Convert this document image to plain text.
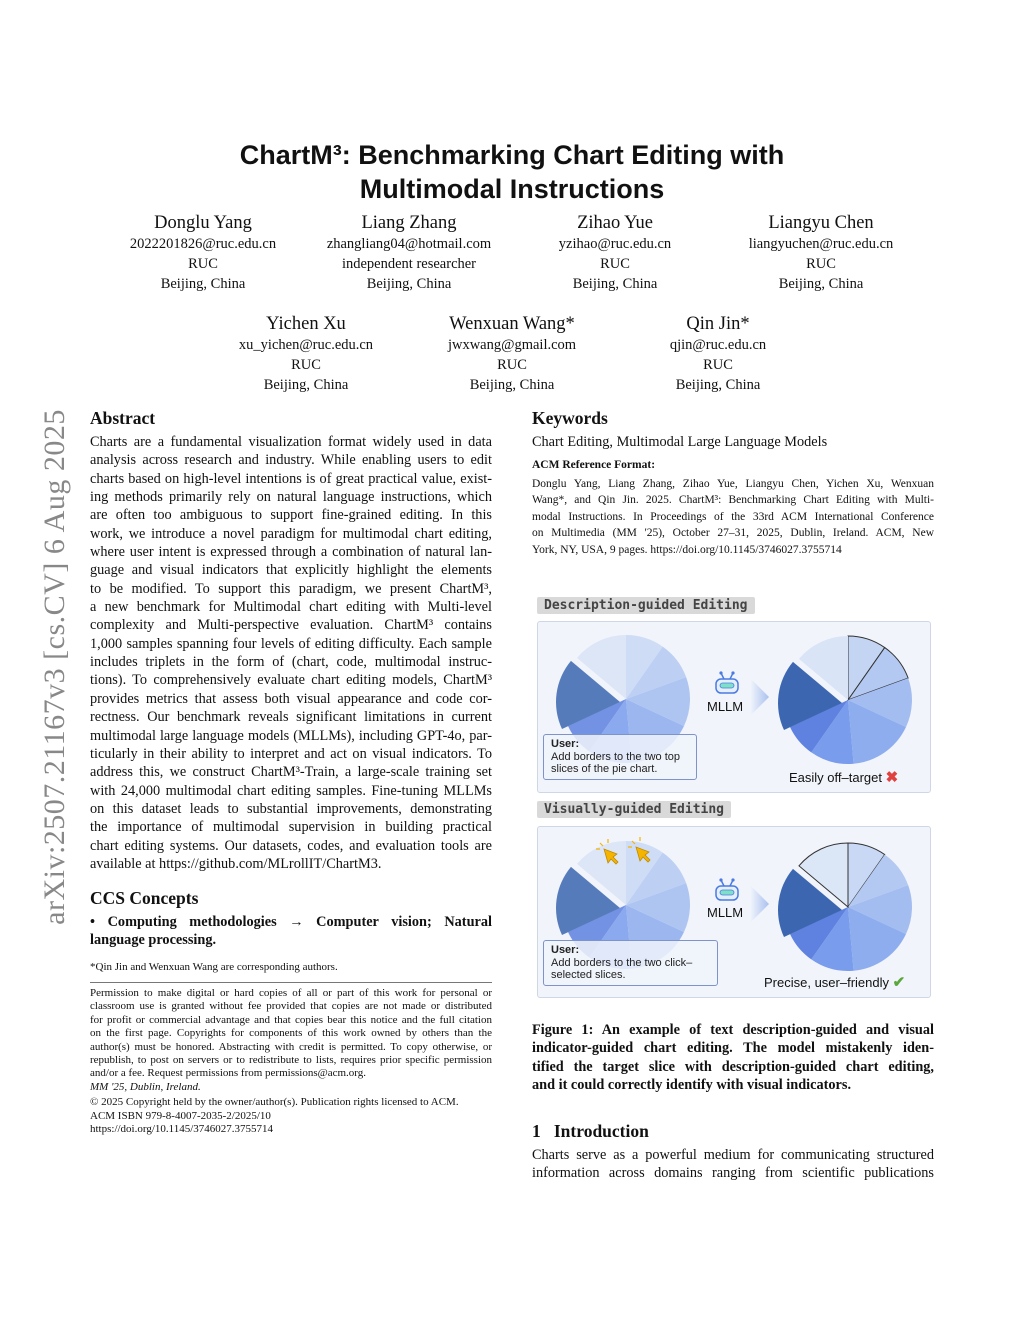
arXiv:2507.21167v3 [cs.CV] 6 Aug 2025
ChartM³: Benchmarking Chart Editing with
Multimodal Instructions
Donglu Yang
2022201826@ruc.edu.cn
RUC
Beijing, China
Liang Zhang
zhangliang04@hotmail.com
independent researcher
Beijing, China
Zihao Yue
yzihao@ruc.edu.cn
RUC
Beijing, China
Liangyu Chen
liangyuchen@ruc.edu.cn
RUC
Beijing, China
Yichen Xu
xu_yichen@ruc.edu.cn
RUC
Beijing, China
Wenxuan Wang*
jwxwang@gmail.com
RUC
Beijing, China
Qin Jin*
qjin@ruc.edu.cn
RUC
Beijing, China
Abstract
Charts are a fundamental visualization format widely used in data
analysis across research and industry. While enabling users to edit
charts based on high-level intentions is of great practical value, exist-
ing methods primarily rely on natural language instructions, which
are often too ambiguous to support fine-grained editing. In this
work, we introduce a novel paradigm for multimodal chart editing,
where user intent is expressed through a combination of natural lan-
guage and visual indicators that explicitly highlight the elements
to be modified. To support this paradigm, we present ChartM³,
a new benchmark for Multimodal chart editing with Multi-level
complexity and Multi-perspective evaluation. ChartM³ contains
1,000 samples spanning four levels of editing difficulty. Each sample
includes triplets in the form of (chart, code, multimodal instruc-
tions). To comprehensively evaluate chart editing models, ChartM³
provides metrics that assess both visual appearance and code cor-
rectness. Our benchmark reveals significant limitations in current
multimodal large language models (MLLMs), including GPT-4o, par-
ticularly in their ability to interpret and act on visual indicators. To
address this, we construct ChartM³-Train, a large-scale training set
with 24,000 multimodal chart editing samples. Fine-tuning MLLMs
on this dataset leads to substantial improvements, demonstrating
the importance of multimodal supervision in building practical
chart editing systems. Our datasets, codes, and evaluation tools are
available at https://github.com/MLrollIT/ChartM3.
CCS Concepts
• Computing methodologies → Computer vision; Natural
language processing.
*Qin Jin and Wenxuan Wang are corresponding authors.
Permission to make digital or hard copies of all or part of this work for personal or
classroom use is granted without fee provided that copies are not made or distributed
for profit or commercial advantage and that copies bear this notice and the full citation
on the first page. Copyrights for components of this work owned by others than the
author(s) must be honored. Abstracting with credit is permitted. To copy otherwise, or
republish, to post on servers or to redistribute to lists, requires prior specific permission
and/or a fee. Request permissions from permissions@acm.org.
MM '25, Dublin, Ireland.
© 2025 Copyright held by the owner/author(s). Publication rights licensed to ACM.
ACM ISBN 979-8-4007-2035-2/2025/10
https://doi.org/10.1145/3746027.3755714
Keywords
Chart Editing, Multimodal Large Language Models
ACM Reference Format:
Donglu Yang, Liang Zhang, Zihao Yue, Liangyu Chen, Yichen Xu, Wenxuan
Wang*, and Qin Jin. 2025. ChartM³: Benchmarking Chart Editing with Multi-
modal Instructions. In Proceedings of the 33rd ACM International Conference
on Multimedia (MM '25), October 27–31, 2025, Dublin, Ireland. ACM, New
York, NY, USA, 9 pages. https://doi.org/10.1145/3746027.3755714
Description-guided Editing
MLLM
User:
Add borders to the two top slices of the pie chart.
Easily off–target ✖
Visually-guided Editing
MLLM
User:
Add borders to the two click–selected slices.	Precise, user–friendly ✔
Figure 1: An example of text description-guided and visual
indicator-guided chart editing. The model mistakenly iden-
tified the target slice with description-guided chart editing,
and it could correctly identify with visual indicators.
1 Introduction
Charts serve as a powerful medium for communicating structured
information across domains ranging from scientific publications
